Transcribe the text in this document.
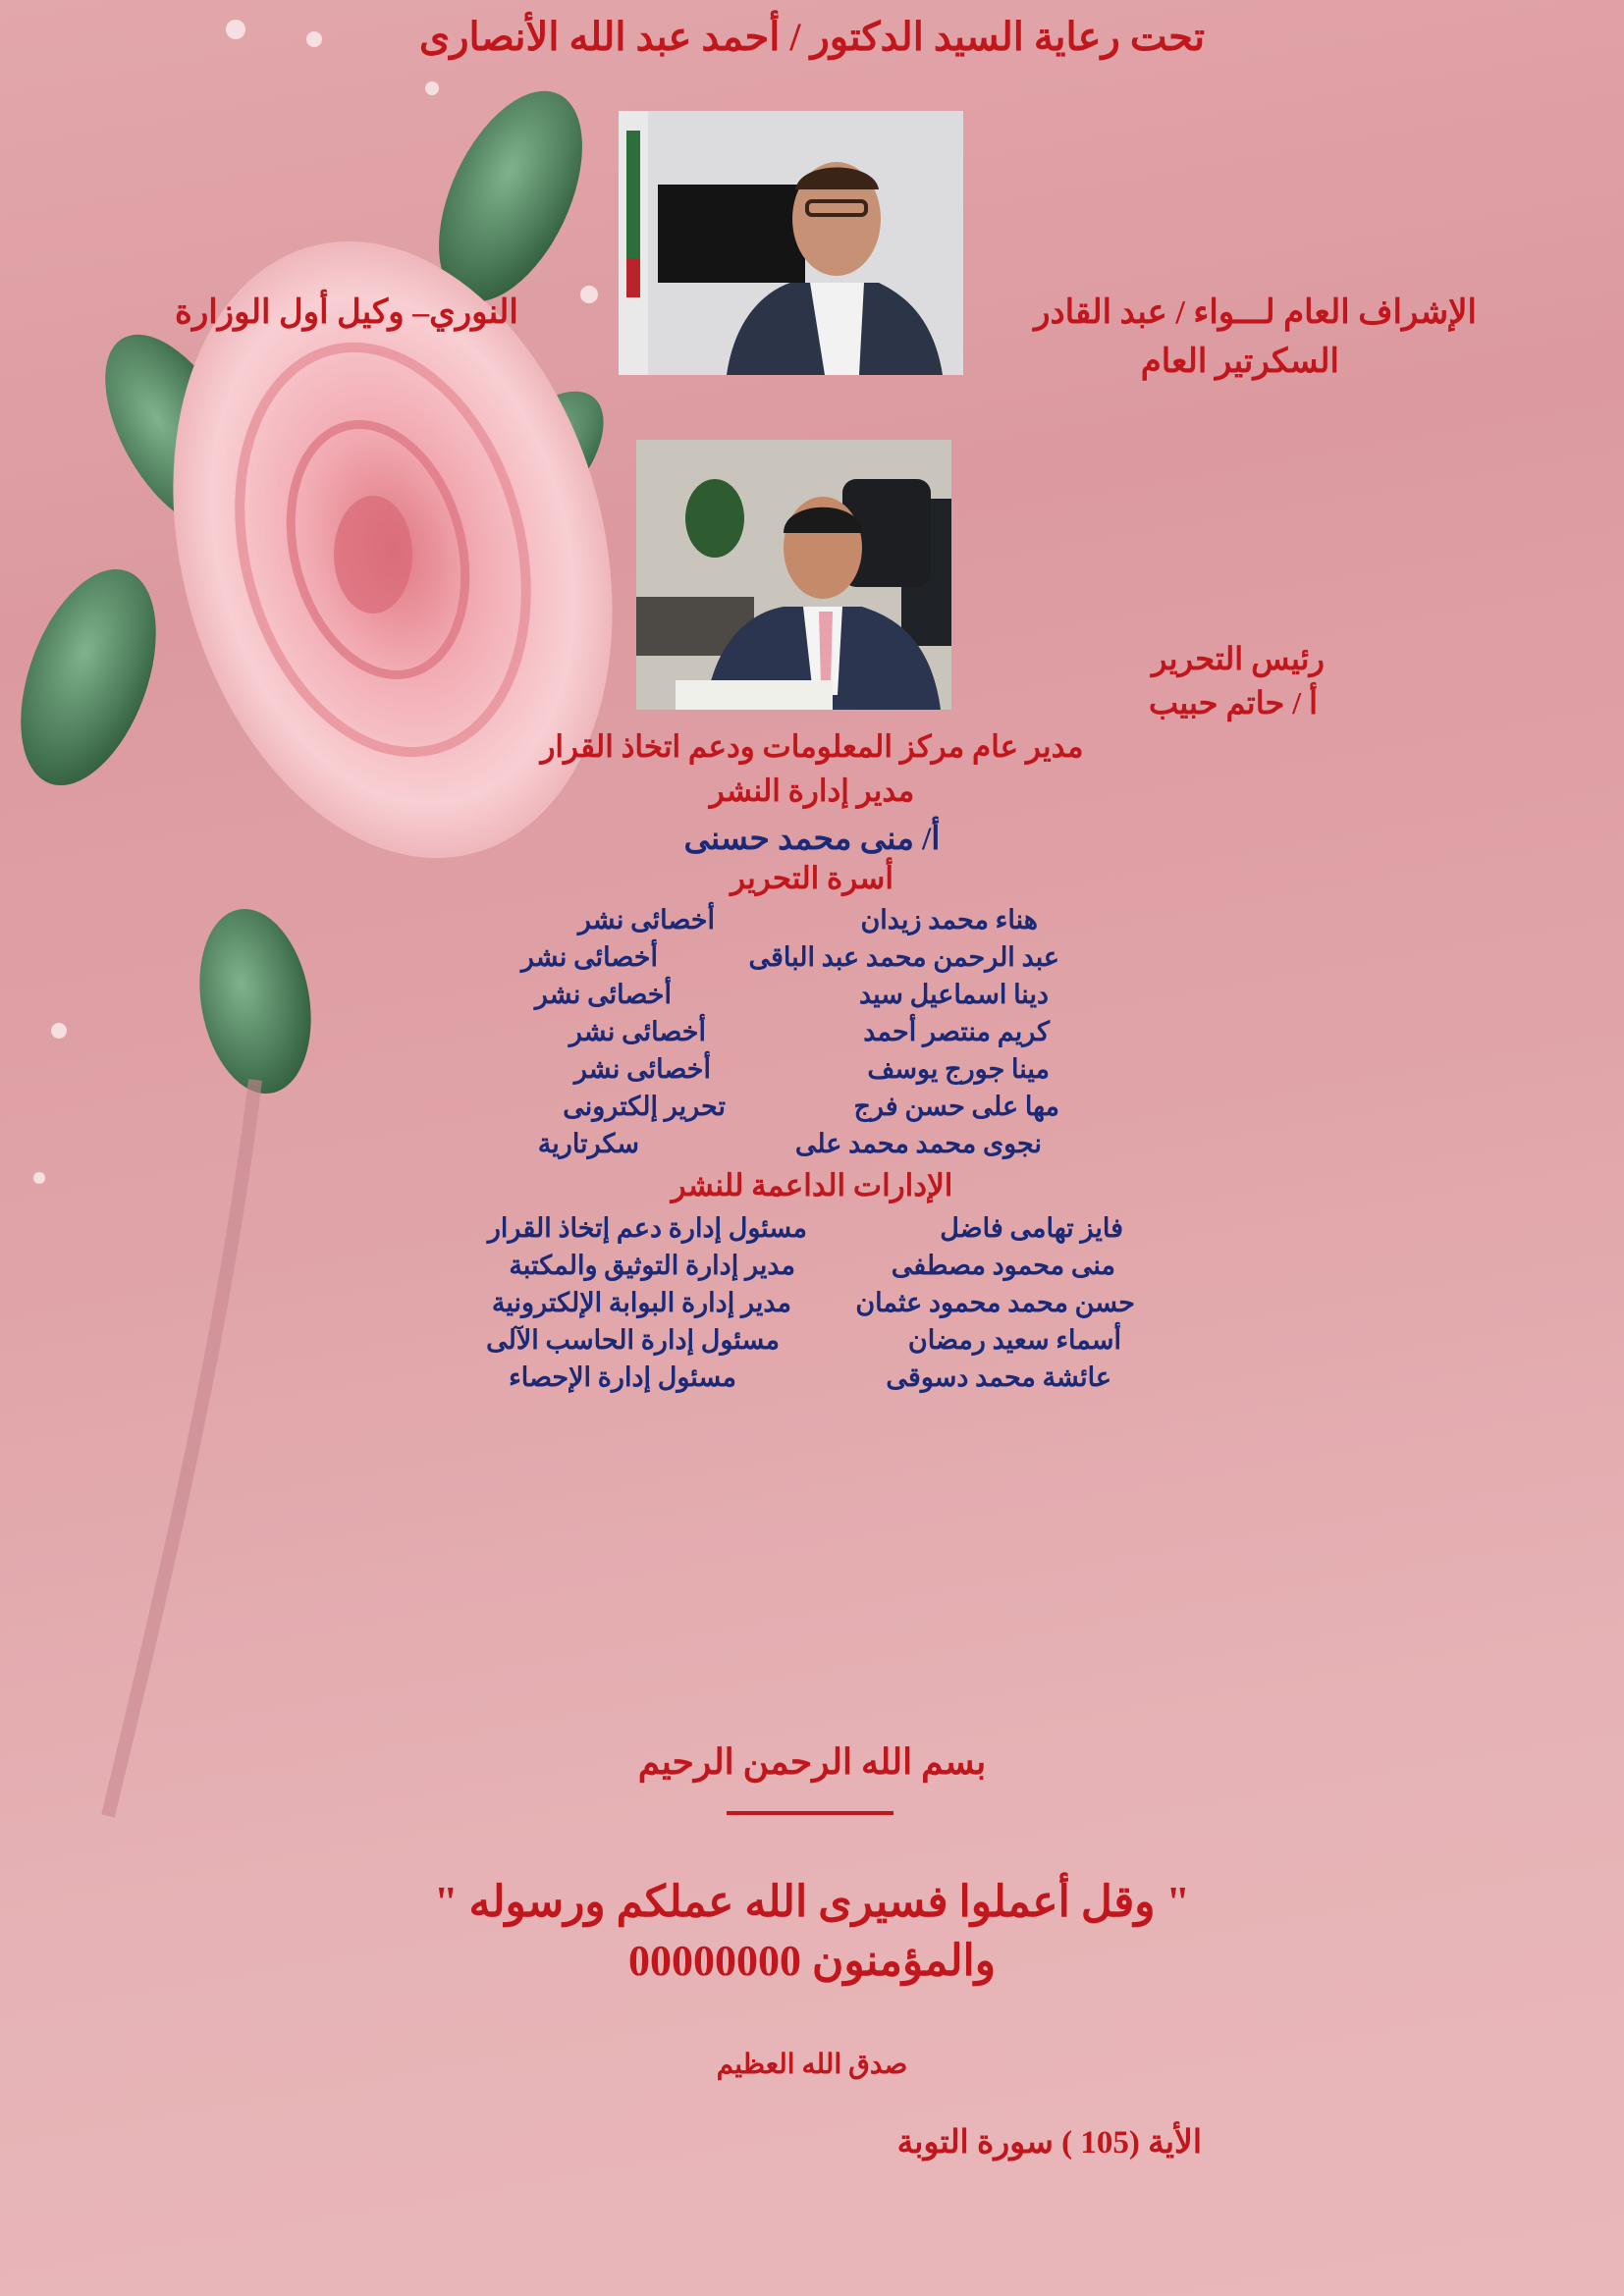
تحت رعاية السيد الدكتور / أحمد عبد الله الأنصارى
الإشراف العام لـــواء / عبد القادر
النوري– وكيل أول الوزارة
السكرتير العام
رئيس التحرير
أ / حاتم حبيب
مدير عام مركز المعلومات ودعم اتخاذ القرار
مدير إدارة النشر
أ/ منى محمد حسنى
أسرة التحرير
هناء محمد زيدان
أخصائى نشر
عبد الرحمن محمد عبد الباقى
أخصائى نشر
دينا اسماعيل سيد
أخصائى نشر
كريم منتصر أحمد
أخصائى نشر
مينا جورج يوسف
أخصائى نشر
مها على حسن فرج
تحرير إلكترونى
نجوى محمد محمد على
سكرتارية
الإدارات الداعمة للنشر
فايز تهامى فاضل
مسئول إدارة دعم إتخاذ القرار
منى محمود مصطفى
مدير إدارة التوثيق والمكتبة
حسن محمد محمود عثمان
مدير إدارة البوابة الإلكترونية
أسماء سعيد رمضان
مسئول إدارة الحاسب الآلى
عائشة محمد دسوقى
مسئول إدارة الإحصاء
بسم الله الرحمن الرحيم
" وقل أعملوا فسيرى الله عملكم ورسوله "
والمؤمنون 00000000
صدق الله العظيم
الأية (105 ) سورة التوبة
